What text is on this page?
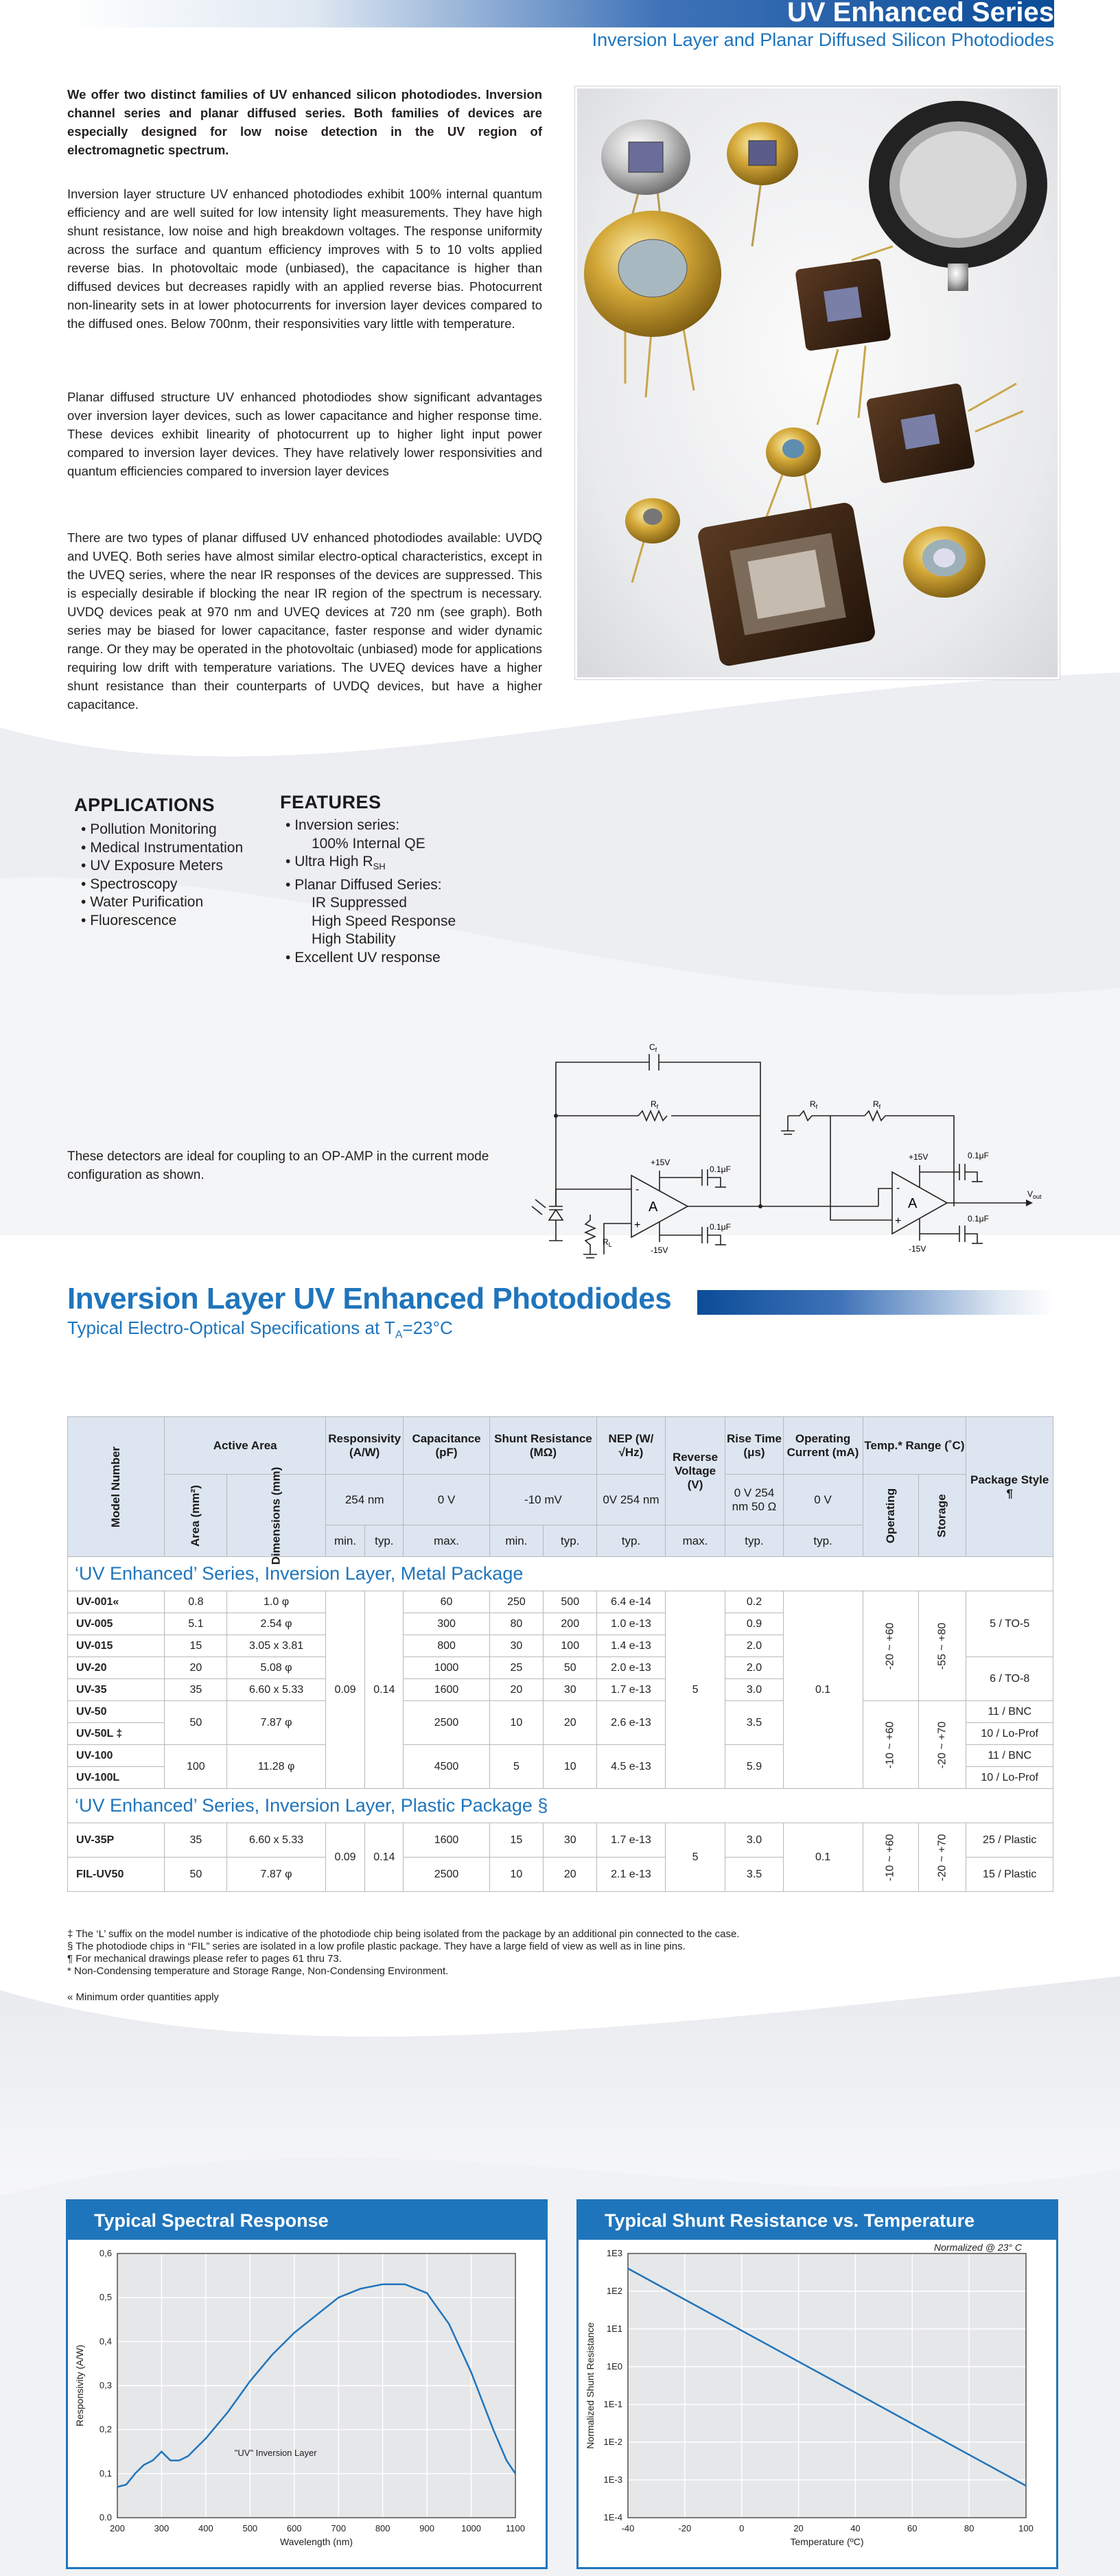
UV Enhanced Series
Inversion Layer and Planar Diffused Silicon Photodiodes

We offer two distinct families of UV enhanced silicon photodiodes. Inversion channel series and planar diffused series. Both families of devices are especially designed for low noise detection in the UV region of electromagnetic spectrum.

Inversion layer structure UV enhanced photodiodes exhibit 100% internal quantum efficiency and are well suited for low intensity light measurements. They have high shunt resistance, low noise and high breakdown voltages. The response uniformity across the surface and quantum efficiency improves with 5 to 10 volts applied reverse bias. In photovoltaic mode (unbiased), the capacitance is higher than diffused devices but decreases rapidly with an applied reverse bias. Photocurrent non-linearity sets in at lower photocurrents for inversion layer devices compared to the diffused ones. Below 700nm, their responsivities vary little with temperature.

Planar diffused structure UV enhanced photodiodes show significant advantages over inversion layer devices, such as lower capacitance and higher response time. These devices exhibit linearity of photocurrent up to higher light input power compared to inversion layer devices. They have relatively lower responsivities and quantum efficiencies compared to inversion layer devices

There are two types of planar diffused UV enhanced photodiodes available: UVDQ and UVEQ. Both series have almost similar electro-optical characteristics, except in the UVEQ series, where the near IR responses of the devices are suppressed. This is especially desirable if blocking the near IR region of the spectrum is necessary. UVDQ devices peak at 970 nm and UVEQ devices at 720 nm (see graph). Both series may be biased for lower capacitance, faster response and wider dynamic range. Or they may be operated in the photovoltaic (unbiased) mode for applications requiring low drift with temperature variations. The UVEQ devices have a higher shunt resistance than their counterparts of UVDQ devices, but have a higher capacitance.

APPLICATIONS
• Pollution Monitoring
• Medical Instrumentation
• UV Exposure Meters
• Spectroscopy
• Water Purification
• Fluorescence
FEATURES
• Inversion series:
100% Internal QE
• Ultra High $R_{SH}$
• Planar Diffused Series:
IR Suppressed
High Speed Response
High Stability
• Excellent UV response
These detectors are ideal for coupling to an OP-AMP in the current mode configuration as shown.
$C_f$
$R_f$
$R_L$
$R_f$	$R_f$
+15V
-15V
+15V
-15V
0.1μF
0.1μF
0.1μF
0.1μF
A	A
-
+
-
+
$V_{out}$
Inversion Layer UV Enhanced Photodiodes
Typical Electro-Optical Specifications at $T_A=23^\circ C$
Model Number	Active Area		Responsivity (A/W)		Capacitance (pF)	Shunt Resistance (MΩ)		NEP (W/√Hz)	Reverse Voltage (V)	Rise Time (μs)	Operating Current (mA)	Temp.* Range (˚C)		Package Style ¶
	Area (mm²)	Dimensions (mm)	254 nm		0 V	-10 mV		0V 254 nm		0 V 254 nm 50 Ω	0 V	Operating	Storage	
			min.	typ.	max.	min.	typ.	typ.	max.	typ.	typ.			
‘UV Enhanced’ Series, Inversion Layer, Metal Package														
UV-001«	0.8	1.0 φ	0.09	0.14	60	250	500	6.4 e-14	5	0.2	0.1	-20 ~ +60	-55 ~ +80	5 / TO-5
UV-005	5.1	2.54 φ			300	80	200	1.0 e-13		0.9				
UV-015	15	3.05 x 3.81			800	30	100	1.4 e-13		2.0				
UV-20	20	5.08 φ			1000	25	50	2.0 e-13		2.0				6 / TO-8
UV-35	35	6.60 x 5.33			1600	20	30	1.7 e-13		3.0				
UV-50	50	7.87 φ			2500	10	20	2.6 e-13		3.5		-10 ~ +60	-20 ~ +70	11 / BNC
UV-50L ‡														10 / Lo-Prof
UV-100	100	11.28 φ			4500	5	10	4.5 e-13		5.9				11 / BNC
UV-100L														10 / Lo-Prof
‘UV Enhanced’ Series, Inversion Layer, Plastic Package §														
UV-35P	35	6.60 x 5.33	0.09	0.14	1600	15	30	1.7 e-13	5	3.0	0.1	-10 ~ +60	-20 ~ +70	25 / Plastic
FIL-UV50	50	7.87 φ			2500	10	20	2.1 e-13		3.5				15 / Plastic
‡ The ‘L’ suffix on the model number is indicative of the photodiode chip being isolated from the package by an additional pin connected to the case.
§ The photodiode chips in “FIL” series are isolated in a low profile plastic package. They have a large field of view as well as in line pins.
¶ For mechanical drawings please refer to pages 61 thru 73.
* Non-Condensing temperature and Storage Range, Non-Condensing Environment.
« Minimum order quantities apply
Typical Spectral Response
200	300	400	500	600	700	800	900	1000	1100
0.0
0,1
0,2
0,3
0,4
0,5
0,6
Wavelength (nm)
Responsivity (A/W)
"UV" Inversion Layer
Typical Shunt Resistance vs. Temperature
-40	-20	0	20	40	60	80	100
1E3
1E2
1E1
1E0
1E-1
1E-2
1E-3
1E-4
Temperature (ºC)
Normalized Shunt Resistance
Normalized @ 23° C
